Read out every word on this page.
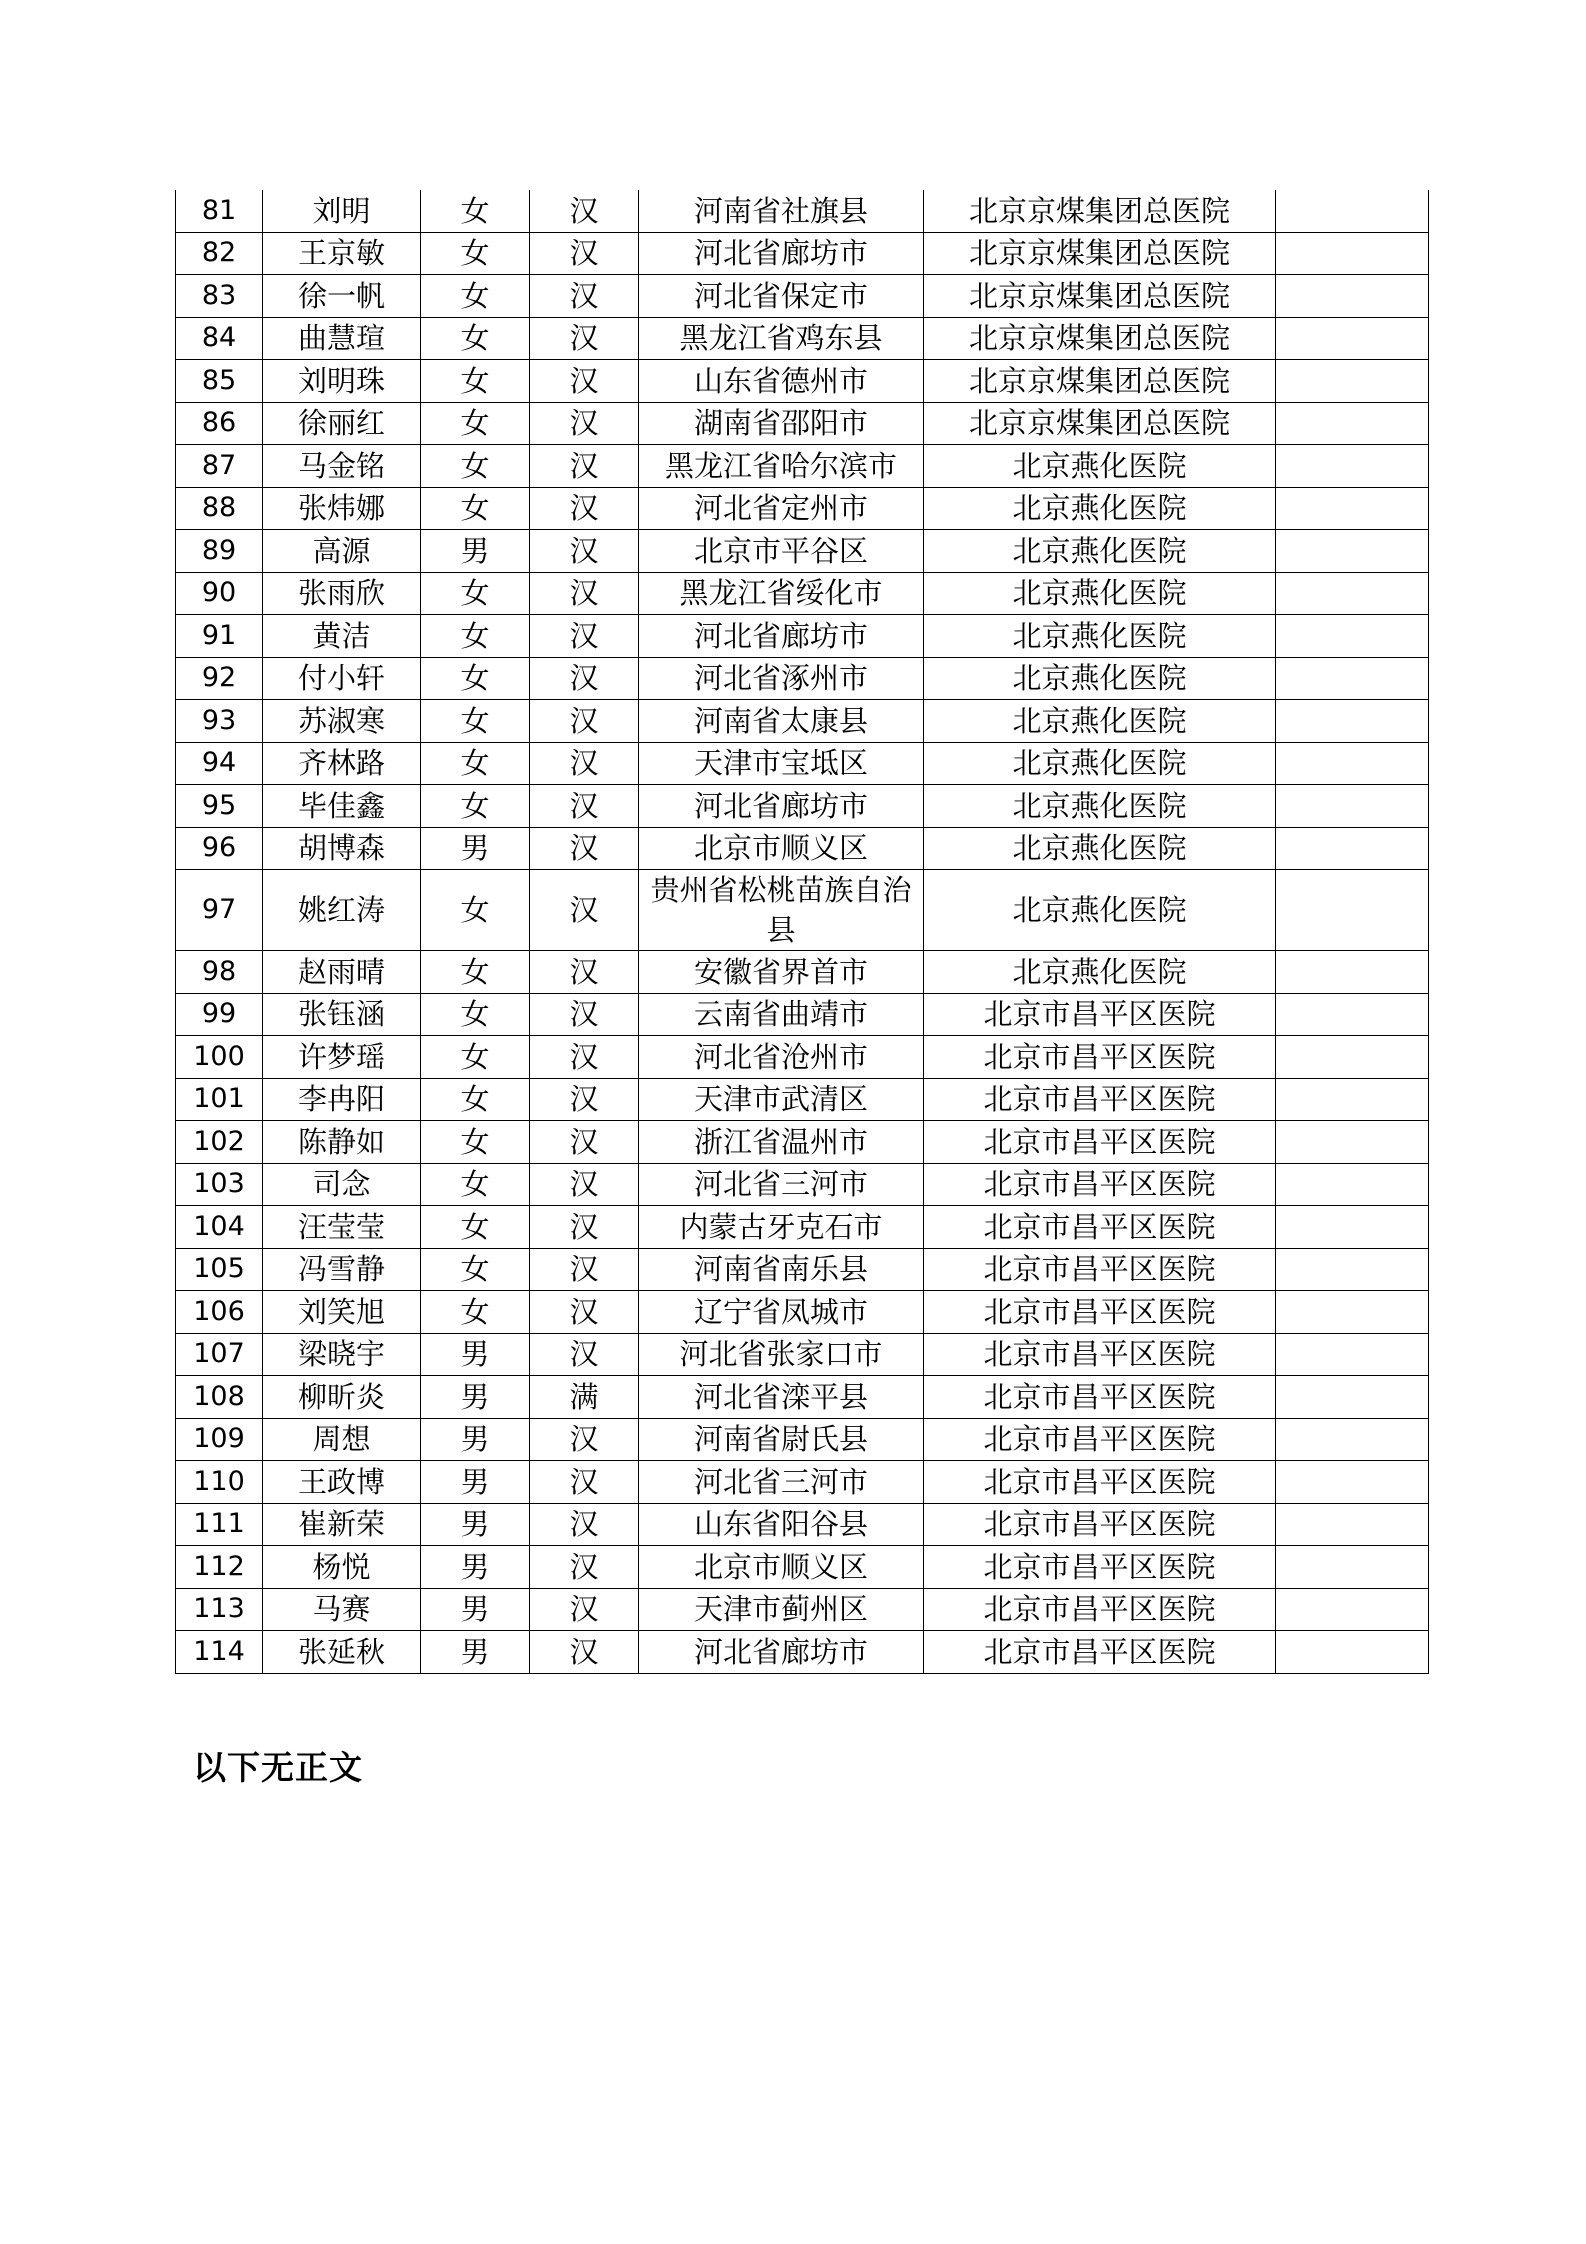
81	刘明	女	汉	河南省社旗县	北京京煤集团总医院	
82	王京敏	女	汉	河北省廊坊市	北京京煤集团总医院	
83	徐一帆	女	汉	河北省保定市	北京京煤集团总医院	
84	曲慧瑄	女	汉	黑龙江省鸡东县	北京京煤集团总医院	
85	刘明珠	女	汉	山东省德州市	北京京煤集团总医院	
86	徐丽红	女	汉	湖南省邵阳市	北京京煤集团总医院	
87	马金铭	女	汉	黑龙江省哈尔滨市	北京燕化医院	
88	张炜娜	女	汉	河北省定州市	北京燕化医院	
89	高源	男	汉	北京市平谷区	北京燕化医院	
90	张雨欣	女	汉	黑龙江省绥化市	北京燕化医院	
91	黄洁	女	汉	河北省廊坊市	北京燕化医院	
92	付小轩	女	汉	河北省涿州市	北京燕化医院	
93	苏淑寒	女	汉	河南省太康县	北京燕化医院	
94	齐林路	女	汉	天津市宝坻区	北京燕化医院	
95	毕佳鑫	女	汉	河北省廊坊市	北京燕化医院	
96	胡博森	男	汉	北京市顺义区	北京燕化医院	
97	姚红涛	女	汉	贵州省松桃苗族自治县	北京燕化医院	
98	赵雨晴	女	汉	安徽省界首市	北京燕化医院	
99	张钰涵	女	汉	云南省曲靖市	北京市昌平区医院	
100	许梦瑶	女	汉	河北省沧州市	北京市昌平区医院	
101	李冉阳	女	汉	天津市武清区	北京市昌平区医院	
102	陈静如	女	汉	浙江省温州市	北京市昌平区医院	
103	司念	女	汉	河北省三河市	北京市昌平区医院	
104	汪莹莹	女	汉	内蒙古牙克石市	北京市昌平区医院	
105	冯雪静	女	汉	河南省南乐县	北京市昌平区医院	
106	刘笑旭	女	汉	辽宁省凤城市	北京市昌平区医院	
107	梁晓宇	男	汉	河北省张家口市	北京市昌平区医院	
108	柳昕炎	男	满	河北省滦平县	北京市昌平区医院	
109	周想	男	汉	河南省尉氏县	北京市昌平区医院	
110	王政博	男	汉	河北省三河市	北京市昌平区医院	
111	崔新荣	男	汉	山东省阳谷县	北京市昌平区医院	
112	杨悦	男	汉	北京市顺义区	北京市昌平区医院	
113	马赛	男	汉	天津市蓟州区	北京市昌平区医院	
114	张延秋	男	汉	河北省廊坊市	北京市昌平区医院	
以下无正文
